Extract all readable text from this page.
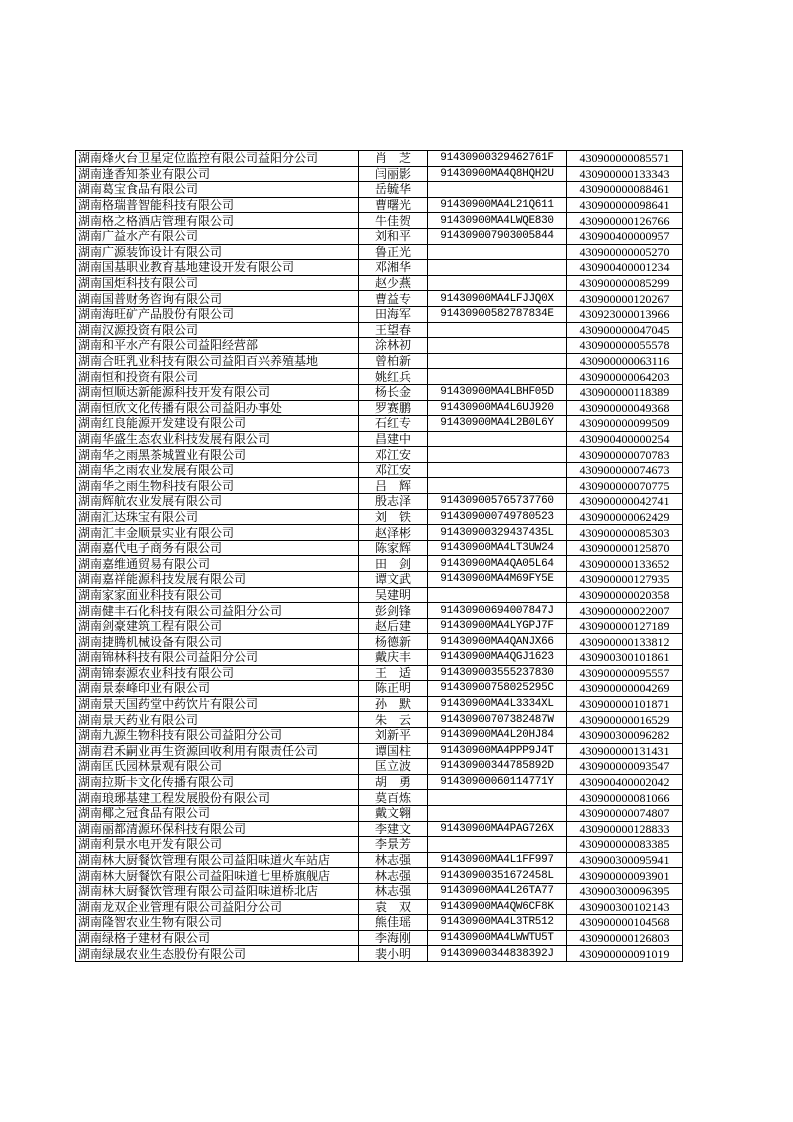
湖南烽火台卫星定位监控有限公司益阳分公司	肖　芝	914309003294627​61F	430900000085571
湖南逢香知茶业有限公司	闫丽影	91430900MA4Q8HQH2U	430900000133343
湖南葛宝食品有限公司	岳毓华		430900000088461
湖南格瑞普智能科技有限公司	曹曙光	91430900MA4L21Q611	430900000098641
湖南格之格酒店管理有限公司	牛佳贺	91430900MA4LWQE830	430900000126766
湖南广益水产有限公司	刘和平	914309007903005844	430900400000957
湖南广源装饰设计有限公司	鲁正光		430900000005270
湖南国基职业教育基地建设开发有限公司	邓湘华		430900400001234
湖南国炬科技有限公司	赵少燕		430900000085299
湖南国普财务咨询有限公司	曹益专	91430900MA4LFJJQ0X	430900000120267
湖南海旺矿产品股份有限公司	田海军	91430900582787834E	430923000013966
湖南汉源投资有限公司	王望春		430900000047045
湖南和平水产有限公司益阳经营部	涂林初		430900000055578
湖南合旺乳业科技有限公司益阳百兴养殖基地	曾柏新		430900000063116
湖南恒和投资有限公司	姚红兵		430900000064203
湖南恒顺达新能源科技开发有限公司	杨长金	91430900MA4LBHF05D	430900000118389
湖南恒欣文化传播有限公司益阳办事处	罗赛鹏	91430900MA4L6UJ920	430900000049368
湖南红良能源开发建设有限公司	石红专	91430900MA4L2B0L6Y	430900000099509
湖南华盛生态农业科技发展有限公司	昌建中		430900400000254
湖南华之雨黑茶城置业有限公司	邓江安		430900000070783
湖南华之雨农业发展有限公司	邓江安		430900000074673
湖南华之雨生物科技有限公司	吕　辉		430900000070775
湖南辉航农业发展有限公司	殷志泽	914309005765737760	430900000042741
湖南汇达珠宝有限公司	刘　铁	914309000749780523	430900000062429
湖南汇丰金顺景实业有限公司	赵泽彬	91430900329437435L	430900000085303
湖南嘉代电子商务有限公司	陈家辉	91430900MA4LT3UW24	430900000125870
湖南嘉维通贸易有限公司	田　剑	91430900MA4QA05L64	430900000133652
湖南嘉祥能源科技发展有限公司	谭文武	91430900MA4M69FY5E	430900000127935
湖南家家面业科技有限公司	吴建明		430900000020358
湖南健丰石化科技有限公司益阳分公司	彭剑锋	91430900694007847J	430900000022007
湖南剑豪建筑工程有限公司	赵后建	91430900MA4LYGPJ7F	430900000127189
湖南捷腾机械设备有限公司	杨德新	91430900MA4QANJX66	430900000133812
湖南锦林科技有限公司益阳分公司	戴庆丰	91430900MA4QGJ1623	430900300101861
湖南锦泰源农业科技有限公司	王　适	914309003555237830	430900000095557
湖南景泰峰印业有限公司	陈正明	91430900758025295C	430900000004269
湖南景天国药堂中药饮片有限公司	孙　默	91430900MA4L3334XL	430900000101871
湖南景天药业有限公司	朱　云	91430900707382487W	430900000016529
湖南九源生物科技有限公司益阳分公司	刘新平	91430900MA4L20HJ84	430900300096282
湖南君禾嗣业再生资源回收利用有限责任公司	谭国柱	91430900MA4PPP9J4T	430900000131431
湖南匡氏园林景观有限公司	匡立波	91430900344785892D	430900000093547
湖南拉斯卡文化传播有限公司	胡　勇	91430900060114771Y	430900400002042
湖南琅琊基建工程发展股份有限公司	莫百炼		430900000081066
湖南椰之冠食品有限公司	戴文翱		430900000074807
湖南丽都清源环保科技有限公司	李建文	91430900MA4PAG726X	430900000128833
湖南利景水电开发有限公司	李景芳		430900000083385
湖南林大厨餐饮管理有限公司益阳味道火车站店	林志强	91430900MA4L1FF997	430900300095941
湖南林大厨餐饮有限公司益阳味道七里桥旗舰店	林志强	91430900351672458L	430900000093901
湖南林大厨餐饮管理有限公司益阳味道桥北店	林志强	91430900MA4L26TA77	430900300096395
湖南龙双企业管理有限公司益阳分公司	袁　双	91430900MA4QW6CF8K	430900300102143
湖南隆智农业生物有限公司	熊佳瑶	91430900MA4L3TR512	430900000104568
湖南绿格子建材有限公司	李海刚	91430900MA4LWWTU5T	430900000126803
湖南绿晟农业生态股份有限公司	裴小明	91430900344838392J	430900000091019
